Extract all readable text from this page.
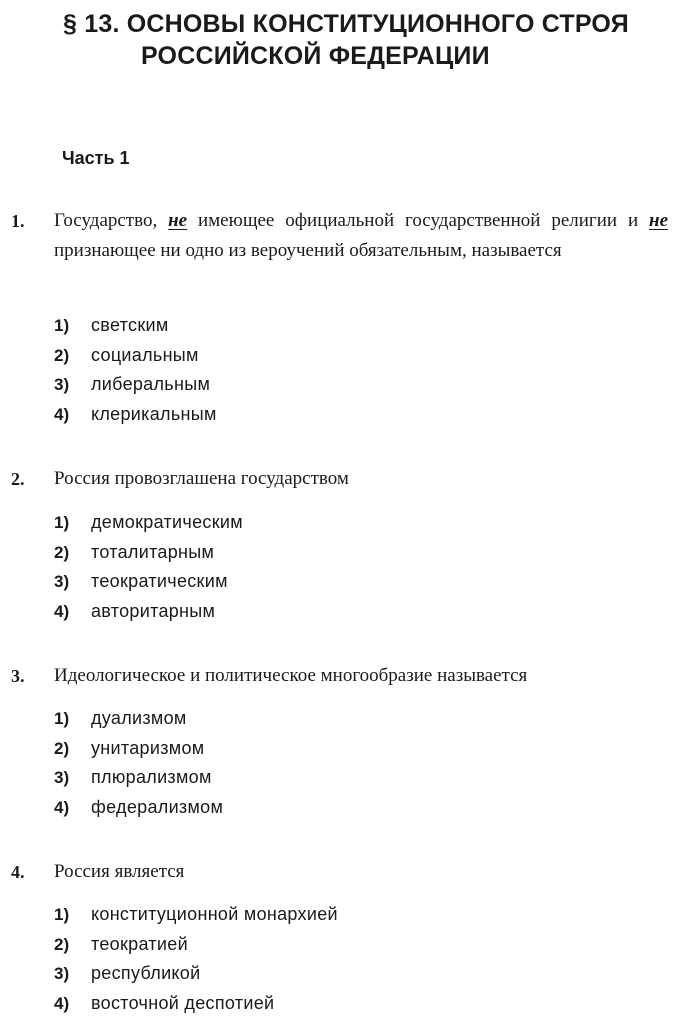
§ 13. ОСНОВЫ КОНСТИТУЦИОННОГО СТРОЯ
РОССИЙСКОЙ ФЕДЕРАЦИИ
Часть 1
1. Государство, не имеющее официальной государственной религии и не признающее ни одно из вероучений обязательным, называется
1) светским
2) социальным
3) либеральным
4) клерикальным
2. Россия провозглашена государством
1) демократическим
2) тоталитарным
3) теократическим
4) авторитарным
3. Идеологическое и политическое многообразие называется
1) дуализмом
2) унитаризмом
3) плюрализмом
4) федерализмом
4. Россия является
1) конституционной монархией
2) теократией
3) республикой
4) восточной деспотией
